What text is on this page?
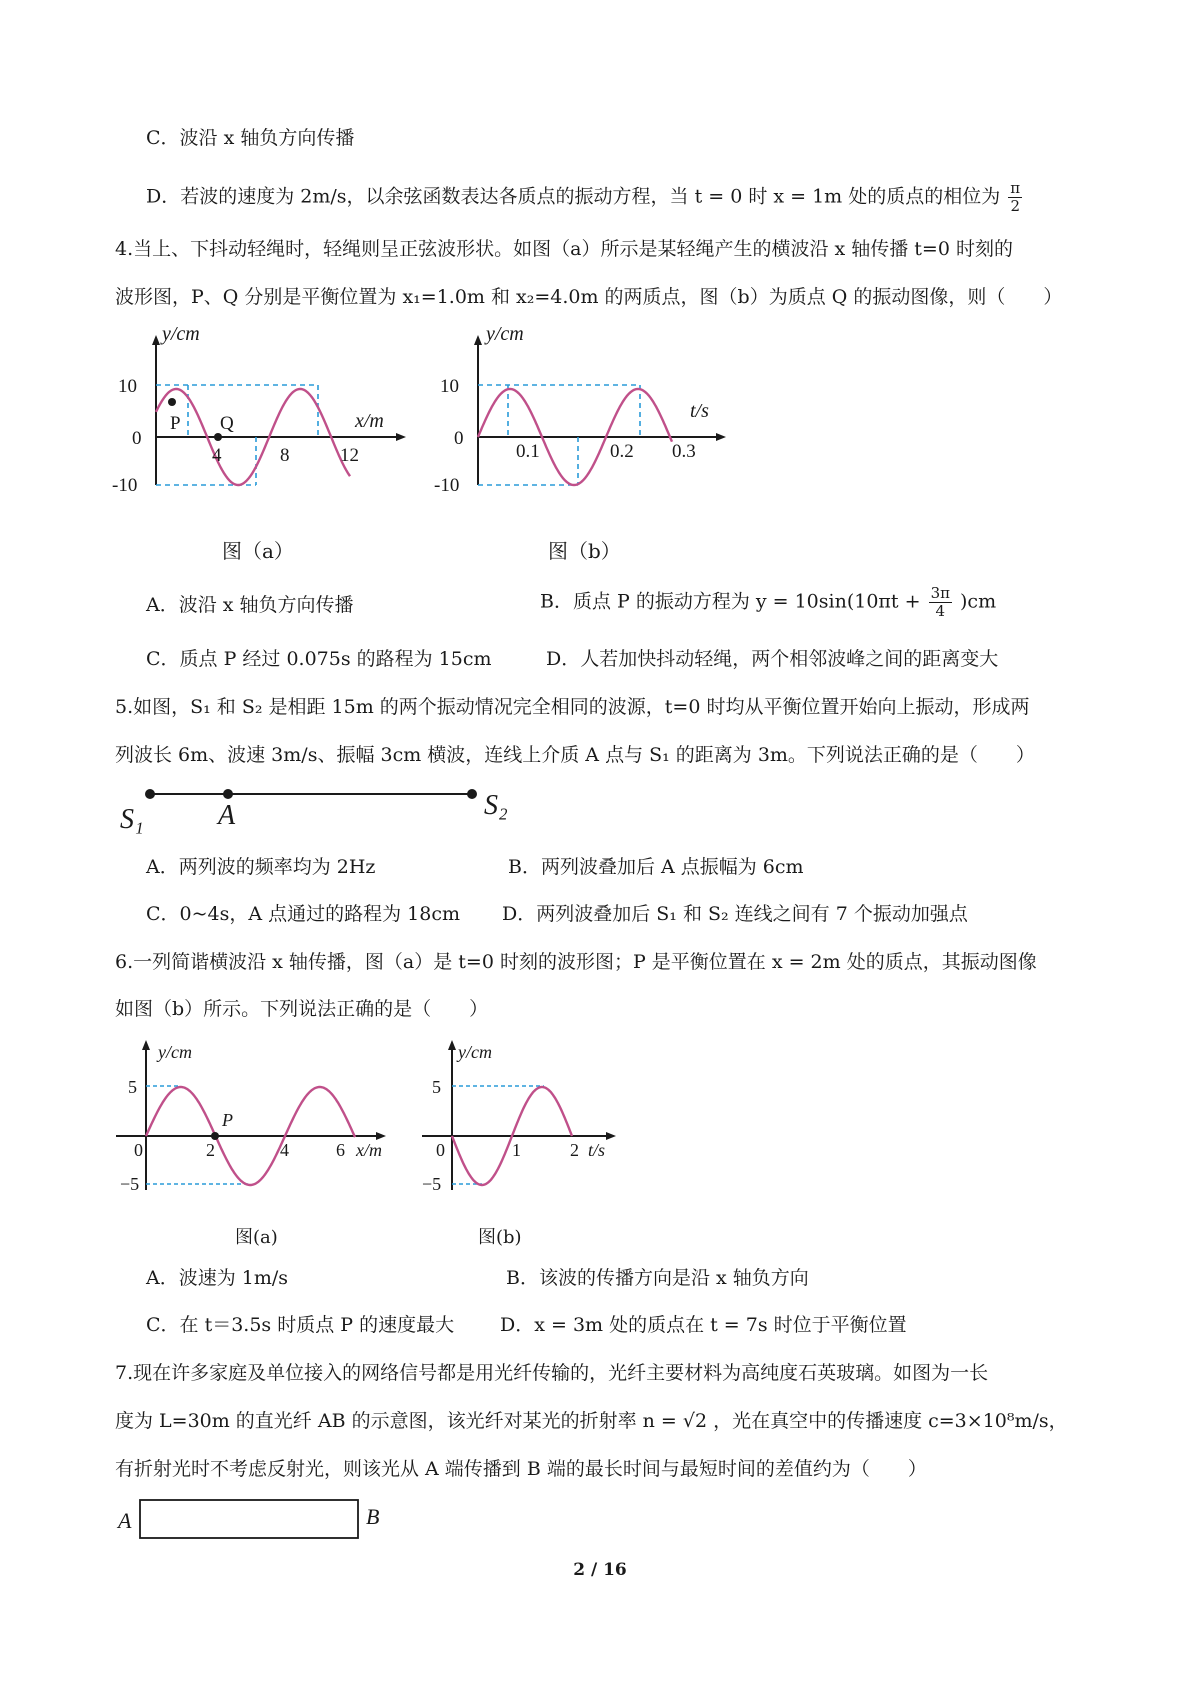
C．波沿 x 轴负方向传播
D．若波的速度为 2m/s，以余弦函数表达各质点的振动方程，当 t = 0 时 x = 1m 处的质点的相位为 $\frac{\pi}{2}$
4.当上、下抖动轻绳时，轻绳则呈正弦波形状。如图（a）所示是某轻绳产生的横波沿 x 轴传播 t=0 时刻的
波形图，P、Q 分别是平衡位置为 x₁=1.0m 和 x₂=4.0m 的两质点，图（b）为质点 Q 的振动图像，则（　　）
y/cm
10
0
-10
4	8	12
x/m
P Q
图（a）
y/cm
10
0
-10
0.1	0.2 0.3
t/s
图（b）
A．波沿 x 轴负方向传播	B．质点 P 的振动方程为 $y = 10\sin(10\pi t + \frac{3\pi}{4} )cm$
C．质点 P 经过 0.075s 的路程为 15cm	D．人若加快抖动轻绳，两个相邻波峰之间的距离变大
5.如图，S₁ 和 S₂ 是相距 15m 的两个振动情况完全相同的波源，t=0 时均从平衡位置开始向上振动，形成两
列波长 6m、波速 3m/s、振幅 3cm 横波，连线上介质 A 点与 S₁ 的距离为 3m。下列说法正确的是（　　）
S₁	A	S₂
A．两列波的频率均为 2Hz	B．两列波叠加后 A 点振幅为 6cm
C．0~4s，A 点通过的路程为 18cm D．两列波叠加后 S₁ 和 S₂ 连线之间有 7 个振动加强点
6.一列简谐横波沿 x 轴传播，图（a）是 t=0 时刻的波形图；P 是平衡位置在 x = 2m 处的质点，其振动图像
如图（b）所示。下列说法正确的是（　　）
y/cm
5
0
−5
2	4	6 x/m
P
图(a)
y/cm
5
0
−5
1	2 t/s
图(b)
A．波速为 1m/s	B．该波的传播方向是沿 x 轴负方向
C．在 t＝3.5s 时质点 P 的速度最大 D．x = 3m 处的质点在 t = 7s 时位于平衡位置
7.现在许多家庭及单位接入的网络信号都是用光纤传输的，光纤主要材料为高纯度石英玻璃。如图为一长
度为 L=30m 的直光纤 AB 的示意图，该光纤对某光的折射率 n = √2 ，光在真空中的传播速度 c=3×10⁸m/s，
有折射光时不考虑反射光，则该光从 A 端传播到 B 端的最长时间与最短时间的差值约为（　　）
A	B
2 / 16
